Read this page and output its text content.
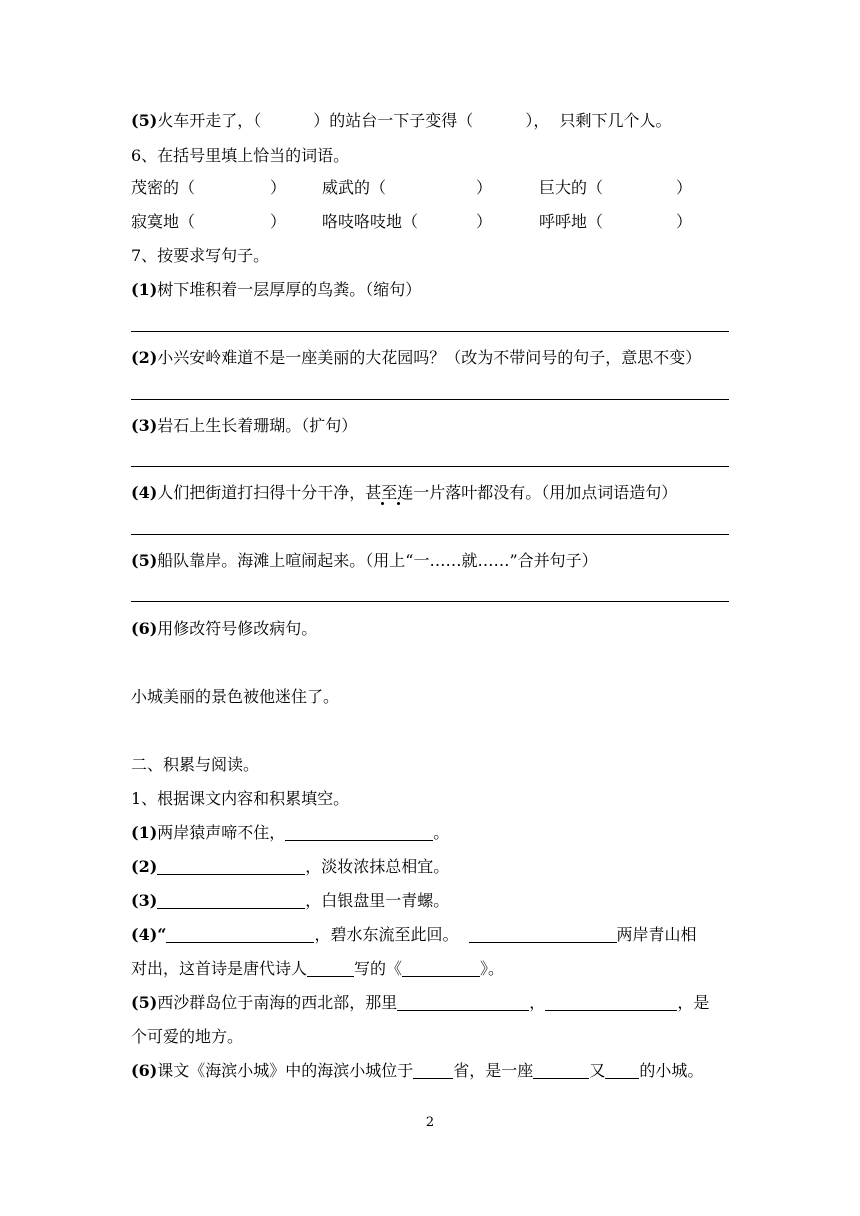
(5)火车开走了，（	）的站台一下子变得（	），  只剩下几个人。
6、在括号里填上恰当的词语。
茂密的（	） 威武的（	）	巨大的（	）
寂寞地（	） 咯吱咯吱地（	）	呼呼地（	）
7、按要求写句子。
(1)树下堆积着一层厚厚的鸟粪。（缩句）
(2)小兴安岭难道不是一座美丽的大花园吗？（改为不带问号的句子，意思不变）
(3)岩石上生长着珊瑚。（扩句）
(4)人们把街道打扫得十分干净，甚至连一片落叶都没有。（用加点词语造句）
(5)船队靠岸。海滩上喧闹起来。（用上“一……就……”合并句子）
(6)用修改符号修改病句。
小城美丽的景色被他迷住了。
二、积累与阅读。
1、根据课文内容和积累填空。
(1)两岸猿声啼不住，	。
(2)	，淡妆浓抹总相宜。
(3)	，白银盘里一青螺。
(4)“	，碧水东流至此回。	两岸青山相
对出，这首诗是唐代诗人	写的《	》。
(5)西沙群岛位于南海的西北部，那里	，	，是
个可爱的地方。
(6)课文《海滨小城》中的海滨小城位于	省，是一座	又 的小城。
2
